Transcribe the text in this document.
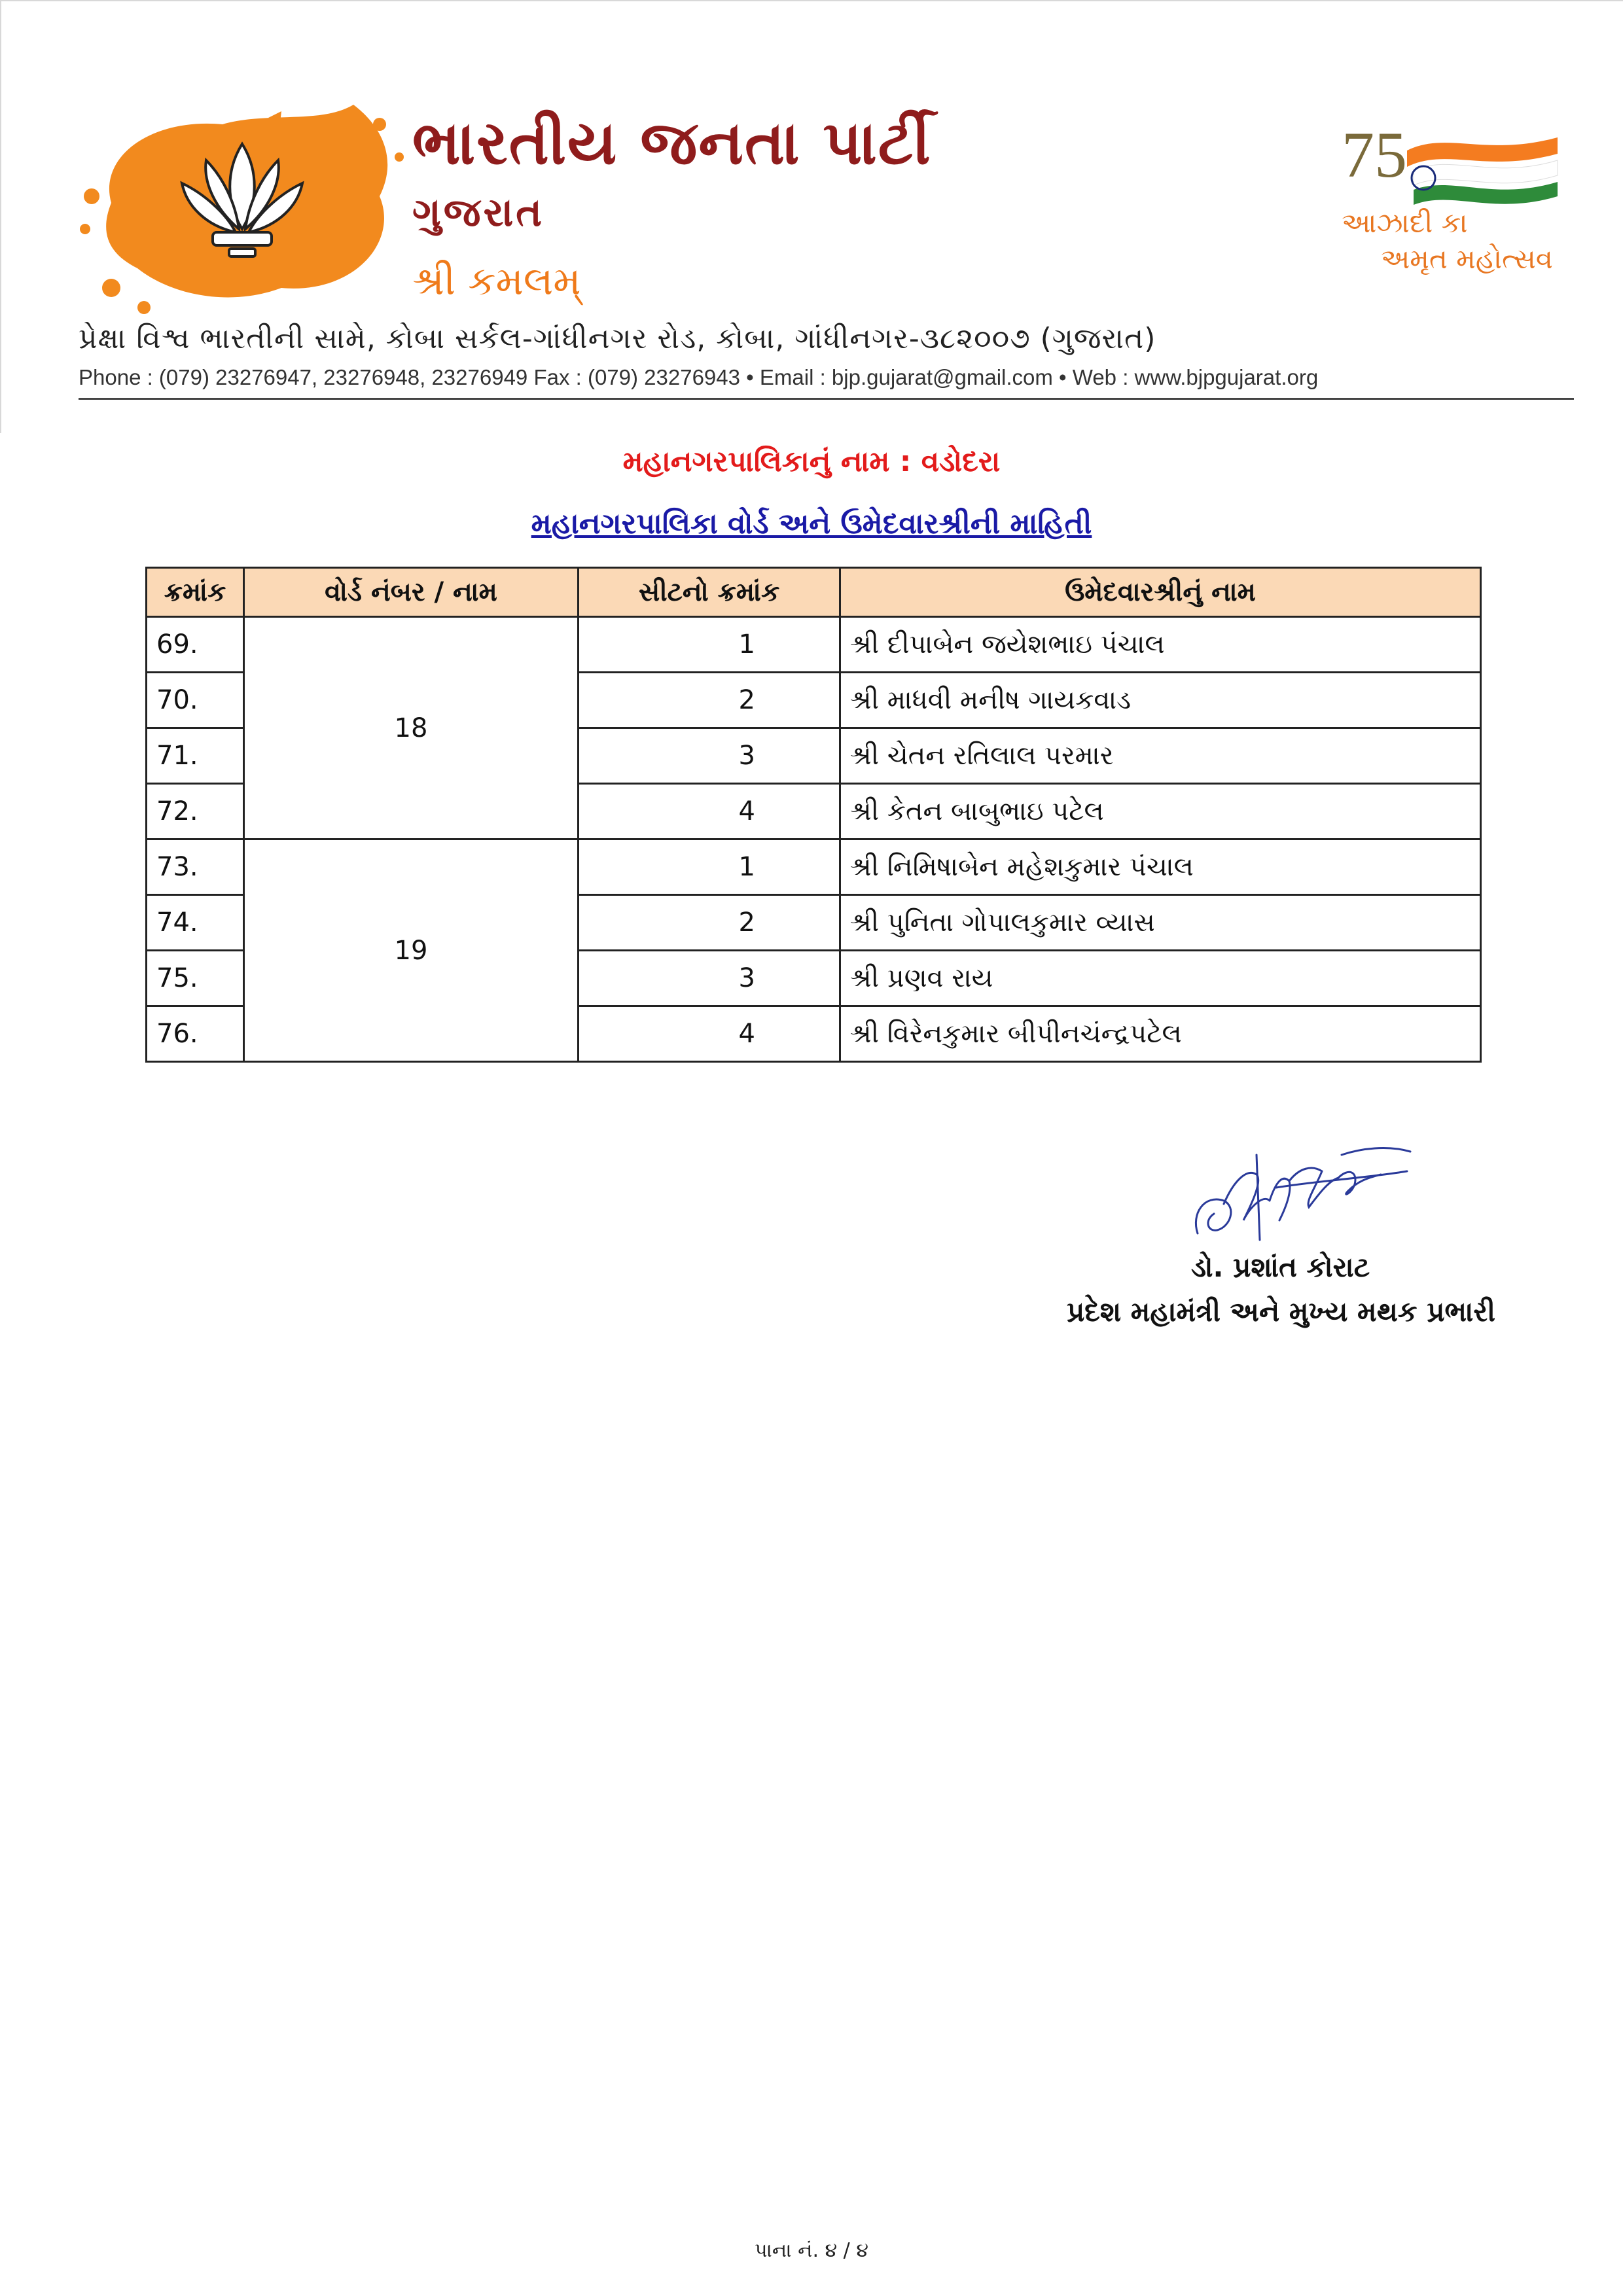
ભારતીય જનતા પાર્ટી
ગુજરાત
શ્રી કમલમ્
75
આઝાદી કા
અમૃત મહોત્સવ
પ્રેક્ષા વિશ્વ ભારતીની સામે, કોબા સર્કલ-ગાંધીનગર રોડ, કોબા, ગાંધીનગર-૩૮૨૦૦૭ (ગુજરાત)
Phone : (079) 23276947, 23276948, 23276949 Fax : (079) 23276943 • Email : bjp.gujarat@gmail.com • Web : www.bjpgujarat.org
મહાનગરપાલિકાનું નામ : વડોદરા
મહાનગરપાલિકા વોર્ડ અને ઉમેદવારશ્રીની માહિતી
ક્રમાંક	વોર્ડ નંબર / નામ	સીટનો ક્રમાંક	ઉમેદવારશ્રીનું નામ
69.	18	1	શ્રી દીપાબેન જયેશભાઇ પંચાલ
70.		2	શ્રી માધવી મનીષ ગાયકવાડ
71.		3	શ્રી ચેતન રતિલાલ પરમાર
72.		4	શ્રી કેતન બાબુભાઇ પટેલ
73.	19	1	શ્રી નિમિષાબેન મહેશકુમાર પંચાલ
74.		2	શ્રી પુનિતા ગોપાલકુમાર વ્યાસ
75.		3	શ્રી પ્રણવ રાય
76.		4	શ્રી વિરેનકુમાર બીપીનચંન્દ્રપટેલ
ડો. પ્રશાંત કોરાટ
પ્રદેશ મહામંત્રી અને મુખ્ય મથક પ્રભારી
પાના નં. ૪ / ૪
